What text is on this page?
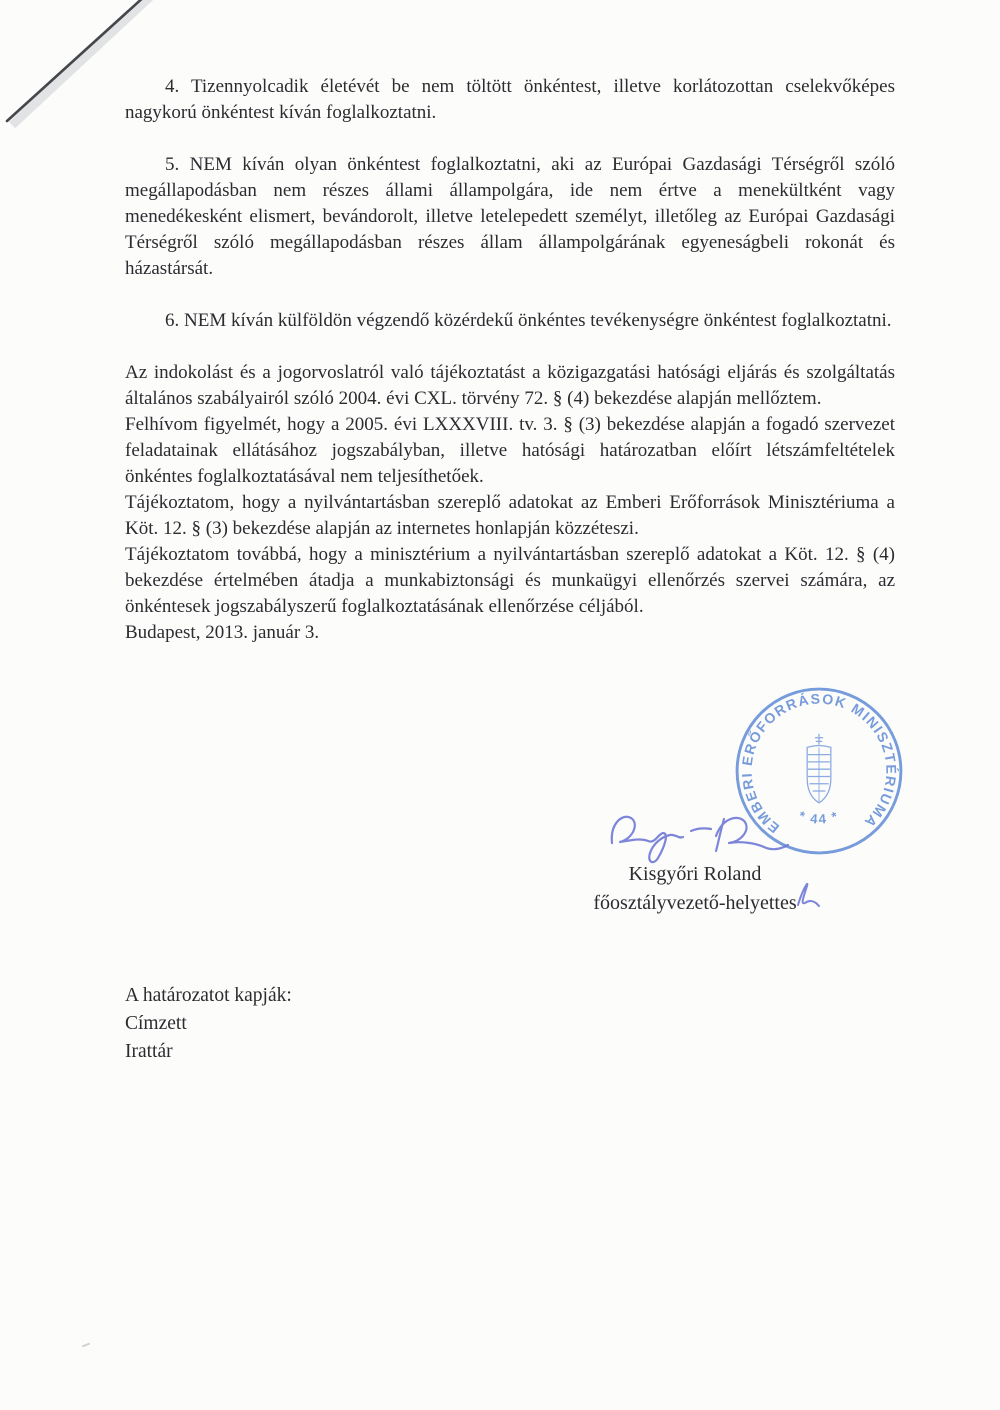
4. Tizennyolcadik életévét be nem töltött önkéntest, illetve korlátozottan cselekvőképes nagykorú önkéntest kíván foglalkoztatni.

5. NEM kíván olyan önkéntest foglalkoztatni, aki az Európai Gazdasági Térségről szóló megállapodásban nem részes állami állampolgára, ide nem értve a menekültként vagy menedékesként elismert, bevándorolt, illetve letelepedett személyt, illetőleg az Európai Gazdasági Térségről szóló megállapodásban részes állam állampolgárának egyeneságbeli rokonát és házastársát.

6. NEM kíván külföldön végzendő közérdekű önkéntes tevékenységre önkéntest foglalkoztatni.

Az indokolást és a jogorvoslatról való tájékoztatást a közigazgatási hatósági eljárás és szolgáltatás általános szabályairól szóló 2004. évi CXL. törvény 72. § (4) bekezdése alapján mellőztem.

Felhívom figyelmét, hogy a 2005. évi LXXXVIII. tv. 3. § (3) bekezdése alapján a fogadó szervezet feladatainak ellátásához jogszabályban, illetve hatósági határozatban előírt létszámfeltételek önkéntes foglalkoztatásával nem teljesíthetőek.

Tájékoztatom, hogy a nyilvántartásban szereplő adatokat az Emberi Erőforrások Minisztériuma a Köt. 12. § (3) bekezdése alapján az internetes honlapján közzéteszi.

Tájékoztatom továbbá, hogy a minisztérium a nyilvántartásban szereplő adatokat a Köt. 12. § (4) bekezdése értelmében átadja a munkabiztonsági és munkaügyi ellenőrzés szervei számára, az önkéntesek jogszabályszerű foglalkoztatásának ellenőrzése céljából.

Budapest, 2013. január 3.

EMBERI ERŐFORRÁSOK MINISZTÉRIUMA
* 44 *
Kisgyőri Roland
főosztályvezető-helyettes
A határozatot kapják:
Címzett
Irattár
